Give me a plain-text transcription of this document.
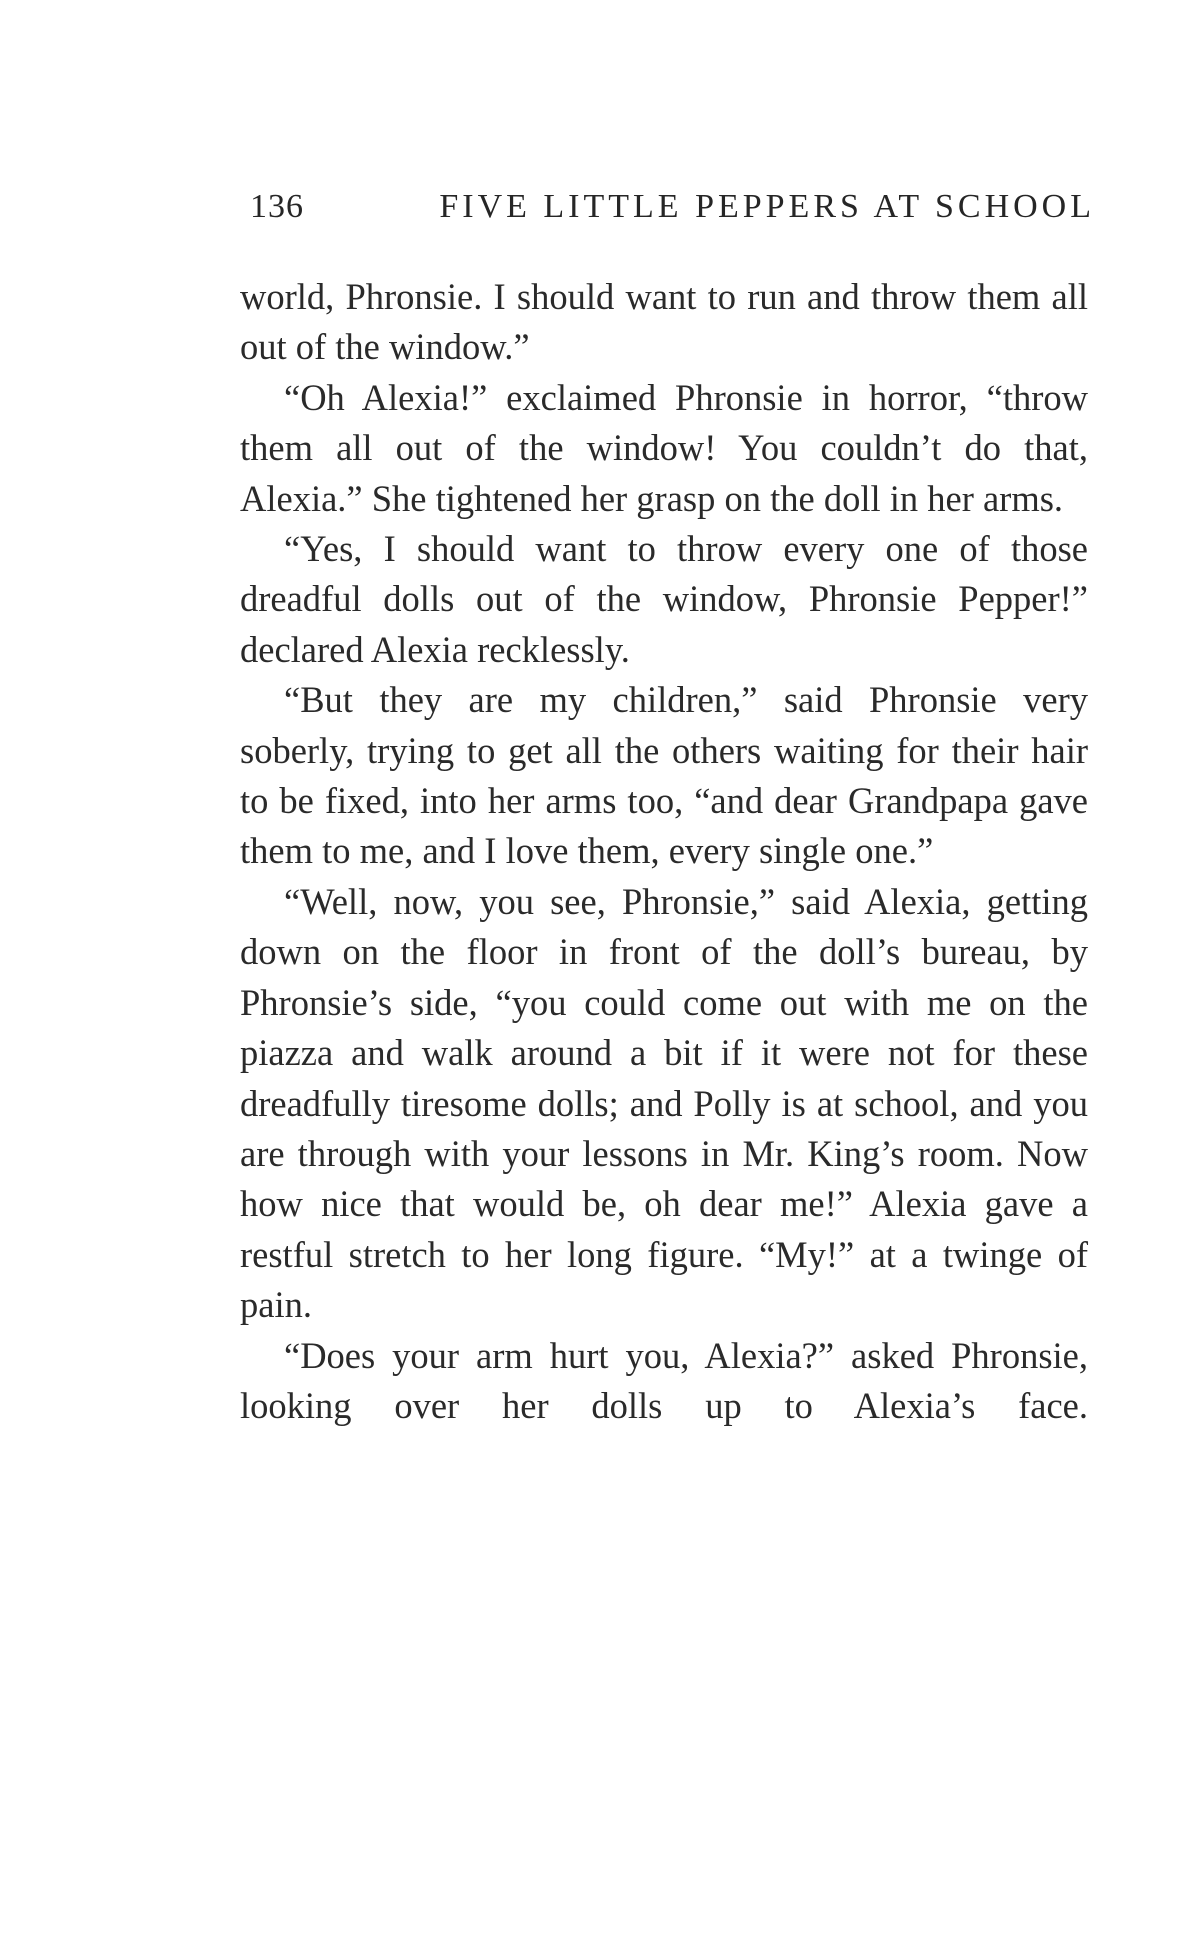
136	FIVE LITTLE PEPPERS AT SCHOOL

world, Phronsie. I should want to run and throw them all out of the window.”

“Oh Alexia!” exclaimed Phronsie in horror, “throw them all out of the window! You couldn’t do that, Alexia.” She tightened her grasp on the doll in her arms.

“Yes, I should want to throw every one of those dreadful dolls out of the window, Phronsie Pepper!” declared Alexia recklessly.

“But they are my children,” said Phronsie very soberly, trying to get all the others waiting for their hair to be fixed, into her arms too, “and dear Grandpapa gave them to me, and I love them, every single one.”

“Well, now, you see, Phronsie,” said Alexia, getting down on the floor in front of the doll’s bureau, by Phronsie’s side, “you could come out with me on the piazza and walk around a bit if it were not for these dreadfully tiresome dolls; and Polly is at school, and you are through with your lessons in Mr. King’s room. Now how nice that would be, oh dear me!” Alexia gave a restful stretch to her long figure. “My!” at a twinge of pain.

“Does your arm hurt you, Alexia?” asked Phronsie, looking over her dolls up to Alexia’s face.
